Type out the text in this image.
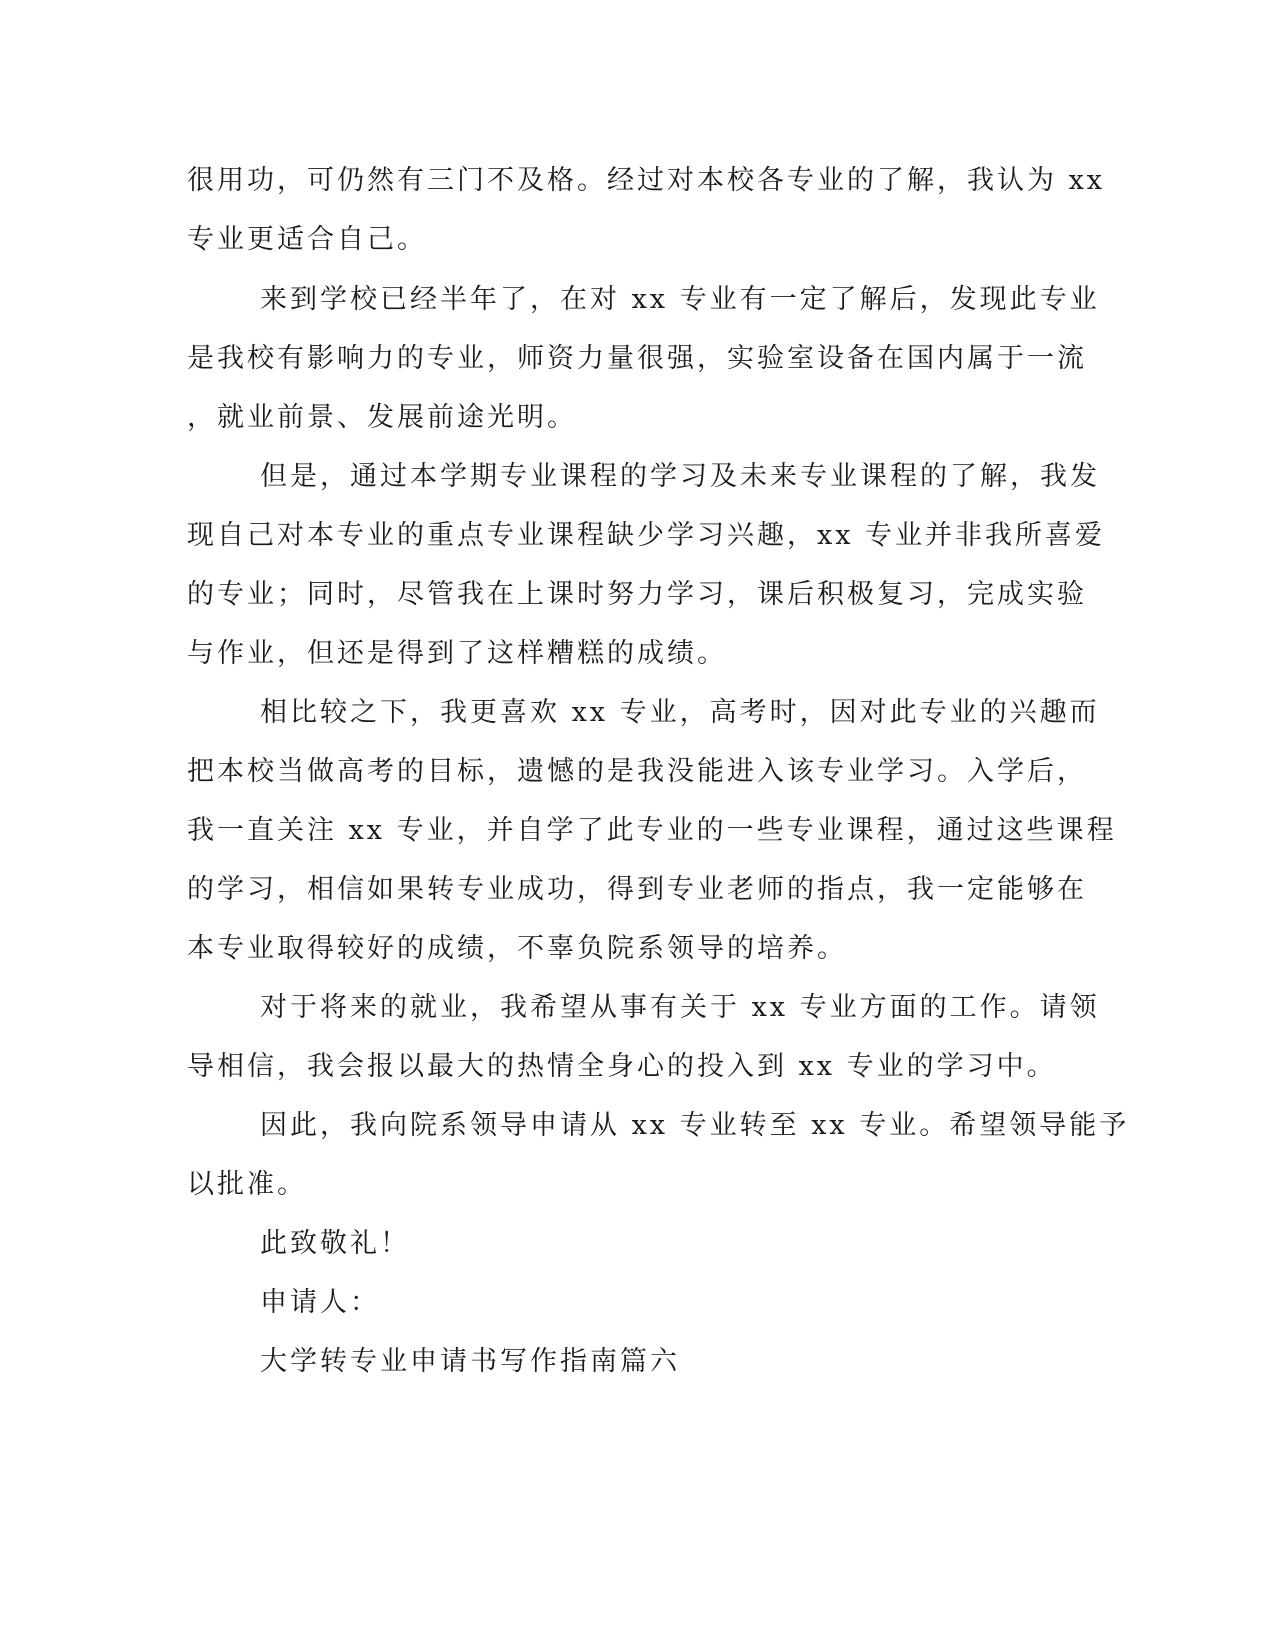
很用功，可仍然有三门不及格。经过对本校各专业的了解，我认为 xx
专业更适合自己。
来到学校已经半年了，在对 xx 专业有一定了解后，发现此专业
是我校有影响力的专业，师资力量很强，实验室设备在国内属于一流
，就业前景、发展前途光明。
但是，通过本学期专业课程的学习及未来专业课程的了解，我发
现自己对本专业的重点专业课程缺少学习兴趣，xx 专业并非我所喜爱
的专业；同时，尽管我在上课时努力学习，课后积极复习，完成实验
与作业，但还是得到了这样糟糕的成绩。
相比较之下，我更喜欢 xx 专业，高考时，因对此专业的兴趣而
把本校当做高考的目标，遗憾的是我没能进入该专业学习。入学后，
我一直关注 xx 专业，并自学了此专业的一些专业课程，通过这些课程
的学习，相信如果转专业成功，得到专业老师的指点，我一定能够在
本专业取得较好的成绩，不辜负院系领导的培养。
对于将来的就业，我希望从事有关于 xx 专业方面的工作。请领
导相信，我会报以最大的热情全身心的投入到 xx 专业的学习中。
因此，我向院系领导申请从 xx 专业转至 xx 专业。希望领导能予
以批准。
此致敬礼！
申请人：
大学转专业申请书写作指南篇六
